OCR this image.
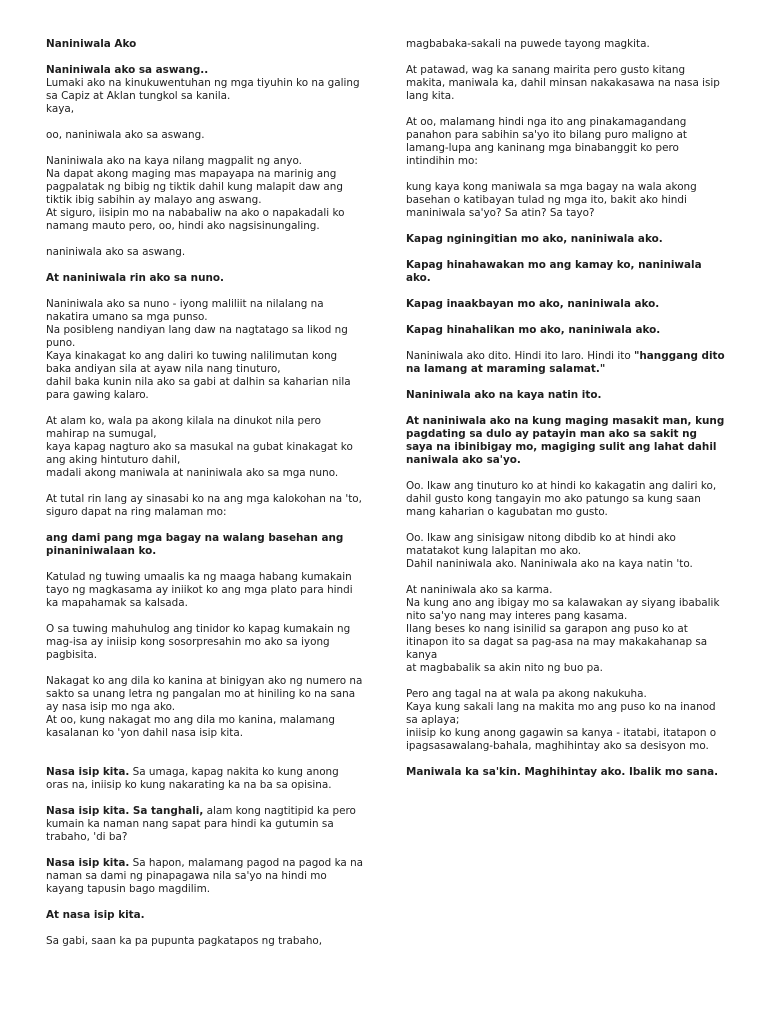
Naniniwala Ako
Naniniwala ako sa aswang..
Lumaki ako na kinukuwentuhan ng mga tiyuhin ko na galing sa Capiz at Aklan tungkol sa kanila.
kaya,
oo, naniniwala ako sa aswang.
Naniniwala ako na kaya nilang magpalit ng anyo.
Na dapat akong maging mas mapayapa na marinig ang pagpalatak ng bibig ng tiktik dahil kung malapit daw ang tiktik ibig sabihin ay malayo ang aswang.
At siguro, iisipin mo na nababaliw na ako o napakadali ko namang mauto pero, oo, hindi ako nagsisinungaling.
naniniwala ako sa aswang.
At naniniwala rin ako sa nuno.
Naniniwala ako sa nuno - iyong maliliit na nilalang na nakatira umano sa mga punso.
Na posibleng nandiyan lang daw na nagtatago sa likod ng puno.
Kaya kinakagat ko ang daliri ko tuwing nalilimutan kong baka andiyan sila at ayaw nila nang tinuturo,
dahil baka kunin nila ako sa gabi at dalhin sa kaharian nila para gawing kalaro.
At alam ko, wala pa akong kilala na dinukot nila pero mahirap na sumugal,
kaya kapag nagturo ako sa masukal na gubat kinakagat ko ang aking hintuturo dahil,
madali akong maniwala at naniniwala ako sa mga nuno.
At tutal rin lang ay sinasabi ko na ang mga kalokohan na 'to, siguro dapat na ring malaman mo:
ang dami pang mga bagay na walang basehan ang pinaniniwalaan ko.
Katulad ng tuwing umaalis ka ng maaga habang kumakain tayo ng magkasama ay iniikot ko ang mga plato para hindi ka mapahamak sa kalsada.
O sa tuwing mahuhulog ang tinidor ko kapag kumakain ng mag-isa ay iniisip kong sosorpresahin mo ako sa iyong pagbisita.
Nakagat ko ang dila ko kanina at binigyan ako ng numero na sakto sa unang letra ng pangalan mo at hiniling ko na sana ay nasa isip mo nga ako.
At oo, kung nakagat mo ang dila mo kanina, malamang kasalanan ko 'yon dahil nasa isip kita.
Nasa isip kita. Sa umaga, kapag nakita ko kung anong oras na, iniisip ko kung nakarating ka na ba sa opisina.
Nasa isip kita. Sa tanghali, alam kong nagtitipid ka pero kumain ka naman nang sapat para hindi ka gutumin sa trabaho, 'di ba?
Nasa isip kita. Sa hapon, malamang pagod na pagod ka na naman sa dami ng pinapagawa nila sa'yo na hindi mo kayang tapusin bago magdilim.
At nasa isip kita.
Sa gabi, saan ka pa pupunta pagkatapos ng trabaho,
magbabaka-sakali na puwede tayong magkita.
At patawad, wag ka sanang mairita pero gusto kitang makita, maniwala ka, dahil minsan nakakasawa na nasa isip lang kita.
At oo, malamang hindi nga ito ang pinakamagandang panahon para sabihin sa'yo ito bilang puro maligno at lamang-lupa ang kaninang mga binabanggit ko pero intindihin mo:
kung kaya kong maniwala sa mga bagay na wala akong basehan o katibayan tulad ng mga ito, bakit ako hindi maniniwala sa'yo? Sa atin? Sa tayo?
Kapag nginingitian mo ako, naniniwala ako.
Kapag hinahawakan mo ang kamay ko, naniniwala ako.
Kapag inaakbayan mo ako, naniniwala ako.
Kapag hinahalikan mo ako, naniniwala ako.
Naniniwala ako dito. Hindi ito laro. Hindi ito "hanggang dito na lamang at maraming salamat."
Naniniwala ako na kaya natin ito.
At naniniwala ako na kung maging masakit man, kung pagdating sa dulo ay patayin man ako sa sakit ng saya na ibinibigay mo, magiging sulit ang lahat dahil naniwala ako sa'yo.
Oo. Ikaw ang tinuturo ko at hindi ko kakagatin ang daliri ko, dahil gusto kong tangayin mo ako patungo sa kung saan mang kaharian o kagubatan mo gusto.
Oo. Ikaw ang sinisigaw nitong dibdib ko at hindi ako matatakot kung lalapitan mo ako.
Dahil naniniwala ako. Naniniwala ako na kaya natin 'to.
At naniniwala ako sa karma.
Na kung ano ang ibigay mo sa kalawakan ay siyang ibabalik nito sa'yo nang may interes pang kasama.
Ilang beses ko nang isinilid sa garapon ang puso ko at itinapon ito sa dagat sa pag-asa na may makakahanap sa kanya
at magbabalik sa akin nito ng buo pa.
Pero ang tagal na at wala pa akong nakukuha.
Kaya kung sakali lang na makita mo ang puso ko na inanod sa aplaya;
iniisip ko kung anong gagawin sa kanya - itatabi, itatapon o ipagsasawalang-bahala, maghihintay ako sa desisyon mo.
Maniwala ka sa'kin. Maghihintay ako. Ibalik mo sana.
